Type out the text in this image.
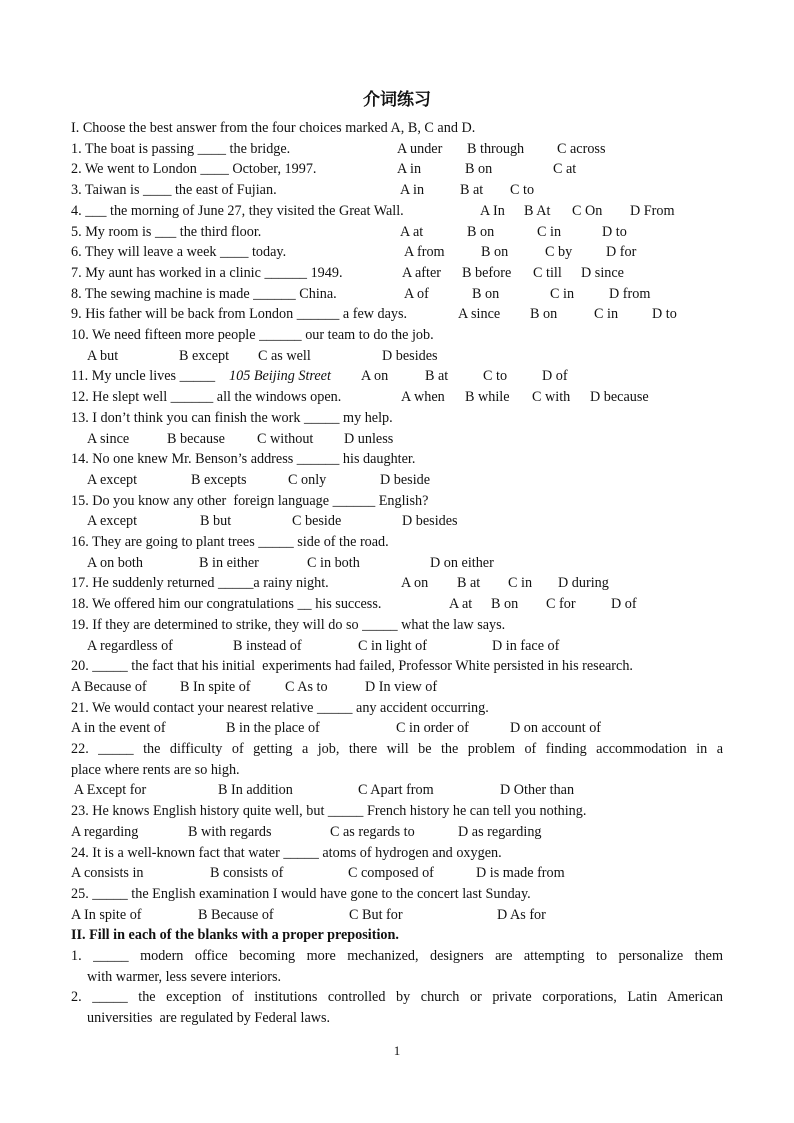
介词练习
I. Choose the best answer from the four choices marked A, B, C and D.
1. The boat is passing ____ the bridge.	A under B through C across
2. We went to London ____ October, 1997.	A in	B on	C at
3. Taiwan is ____ the east of Fujian.	A in	B at C to
4. ___ the morning of June 27, they visited the Great Wall.	A In B At C On D From
5. My room is ___ the third floor.	A at	B on	C in	D to
6. They will leave a week ____ today.	A from	B on	C by D for
7. My aunt has worked in a clinic ______ 1949.	A after B before C till D since
8. The sewing machine is made ______ China.	A of	B on	C in D from
9. His father will be back from London ______ a few days.	A since B on	C in D to
10. We need fifteen more people ______ our team to do the job.
A but	B except C as well	D besides
11. My uncle lives _____ 105 Beijing Street A on	B at C to D of
12. He slept well ______ all the windows open.	A when B while C with D because
13. I don’t think you can finish the work _____ my help.
A since	B because C without D unless
14. No one knew Mr. Benson’s address ______ his daughter.
A except	B excepts	C only	D beside
15. Do you know any other  foreign language ______ English?
A except	B but	C beside	D besides
16. They are going to plant trees _____ side of the road.
A on both	B in either	C in both	D on either
17. He suddenly returned _____a rainy night.	A on B at C in D during
18. We offered him our congratulations __ his success.	A at B on C for D of
19. If they are determined to strike, they will do so _____ what the law says.
A regardless of	B instead of	C in light of	D in face of
20. _____ the fact that his initial  experiments had failed, Professor White persisted in his research.
A Because of B In spite of C As to	D In view of
21. We would contact your nearest relative _____ any accident occurring.
A in the event of	B in the place of	C in order of	D on account of
22. _____ the difficulty of getting a job, there will be the problem of finding accommodation in a
place where rents are so high.
A Except for	B In addition	C Apart from	D Other than
23. He knows English history quite well, but _____ French history he can tell you nothing.
A regarding	B with regards	C as regards to	D as regarding
24. It is a well-known fact that water _____ atoms of hydrogen and oxygen.
A consists in	B consists of	C composed of	D is made from
25. _____ the English examination I would have gone to the concert last Sunday.
A In spite of	B Because of	C But for	D As for
II. Fill in each of the blanks with a proper preposition.
1. _____ modern office becoming more mechanized, designers are attempting to personalize them
with warmer, less severe interiors.
2. _____ the exception of institutions controlled by church or private corporations, Latin American
universities  are regulated by Federal laws.
1
